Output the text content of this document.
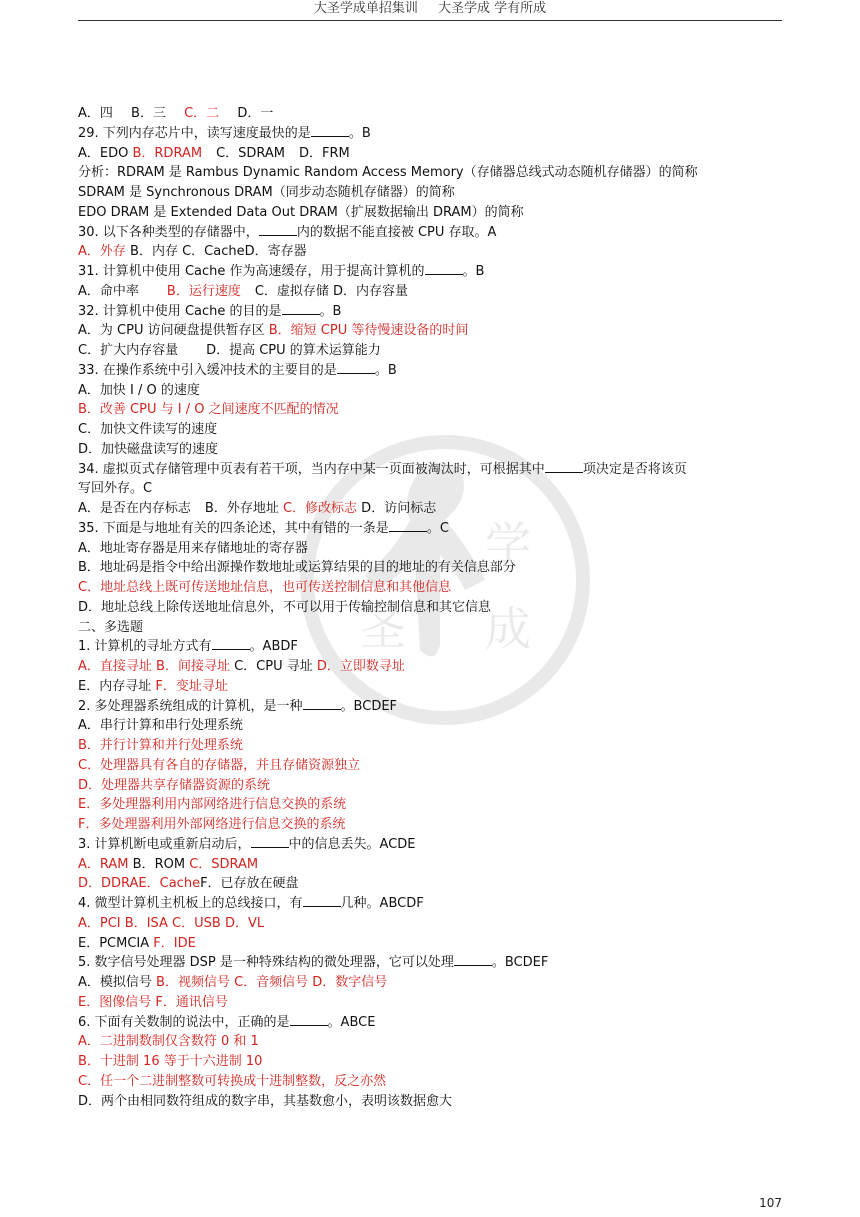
大圣学成单招集训 大圣学成 学有所成
圣
学
成
A．四 B．三 C．二 D．一
29. 下列内存芯片中，读写速度最快的是	。B
A．EDO B．RDRAM C．SDRAM D．FRM
分析：RDRAM 是 Rambus Dynamic Random Access Memory（存储器总线式动态随机存储器）的简称
SDRAM 是 Synchronous DRAM（同步动态随机存储器）的简称
EDO DRAM 是 Extended Data Out DRAM（扩展数据输出 DRAM）的简称
30. 以下各种类型的存储器中，	内的数据不能直接被 CPU 存取。A
A．外存 B．内存 C．CacheD．寄存器
31. 计算机中使用 Cache 作为高速缓存，用于提高计算机的	。B
A．命中率 B．运行速度 C．虚拟存储 D．内存容量
32. 计算机中使用 Cache 的目的是	。B
A．为 CPU 访问硬盘提供暂存区 B．缩短 CPU 等待慢速设备的时间
C．扩大内存容量 D．提高 CPU 的算术运算能力
33. 在操作系统中引入缓冲技术的主要目的是	。B
A．加快 I / O 的速度
B．改善 CPU 与 I / O 之间速度不匹配的情况
C．加快文件读写的速度
D．加快磁盘读写的速度
34. 虚拟页式存储管理中页表有若干项，当内存中某一页面被淘汰时，可根据其中	项决定是否将该页
写回外存。C
A．是否在内存标志 B．外存地址 C．修改标志 D．访问标志
35. 下面是与地址有关的四条论述，其中有错的一条是	。C
A．地址寄存器是用来存储地址的寄存器
B．地址码是指令中给出源操作数地址或运算结果的目的地址的有关信息部分
C．地址总线上既可传送地址信息，也可传送控制信息和其他信息
D．地址总线上除传送地址信息外，不可以用于传输控制信息和其它信息
二、多选题
1. 计算机的寻址方式有	。ABDF
A．直接寻址 B．间接寻址 C．CPU 寻址 D．立即数寻址
E．内存寻址 F．变址寻址
2. 多处理器系统组成的计算机，是一种	。BCDEF
A．串行计算和串行处理系统
B．并行计算和并行处理系统
C．处理器具有各自的存储器，并且存储资源独立
D．处理器共享存储器资源的系统
E．多处理器利用内部网络进行信息交换的系统
F．多处理器利用外部网络进行信息交换的系统
3. 计算机断电或重新启动后，	中的信息丢失。ACDE
A．RAM B．ROM C．SDRAM
D．DDRAE．CacheF．已存放在硬盘
4. 微型计算机主机板上的总线接口，有	几种。ABCDF
A．PCI B．ISA C．USB D．VL
E．PCMCIA F．IDE
5. 数字信号处理器 DSP 是一种特殊结构的微处理器，它可以处理	。BCDEF
A．模拟信号 B．视频信号 C．音频信号 D．数字信号
E．图像信号 F．通讯信号
6. 下面有关数制的说法中，正确的是	。ABCE
A．二进制数制仅含数符 0 和 1
B．十进制 16 等于十六进制 10
C．任一个二进制整数可转换成十进制整数，反之亦然
D．两个由相同数符组成的数字串，其基数愈小，表明该数据愈大
107
